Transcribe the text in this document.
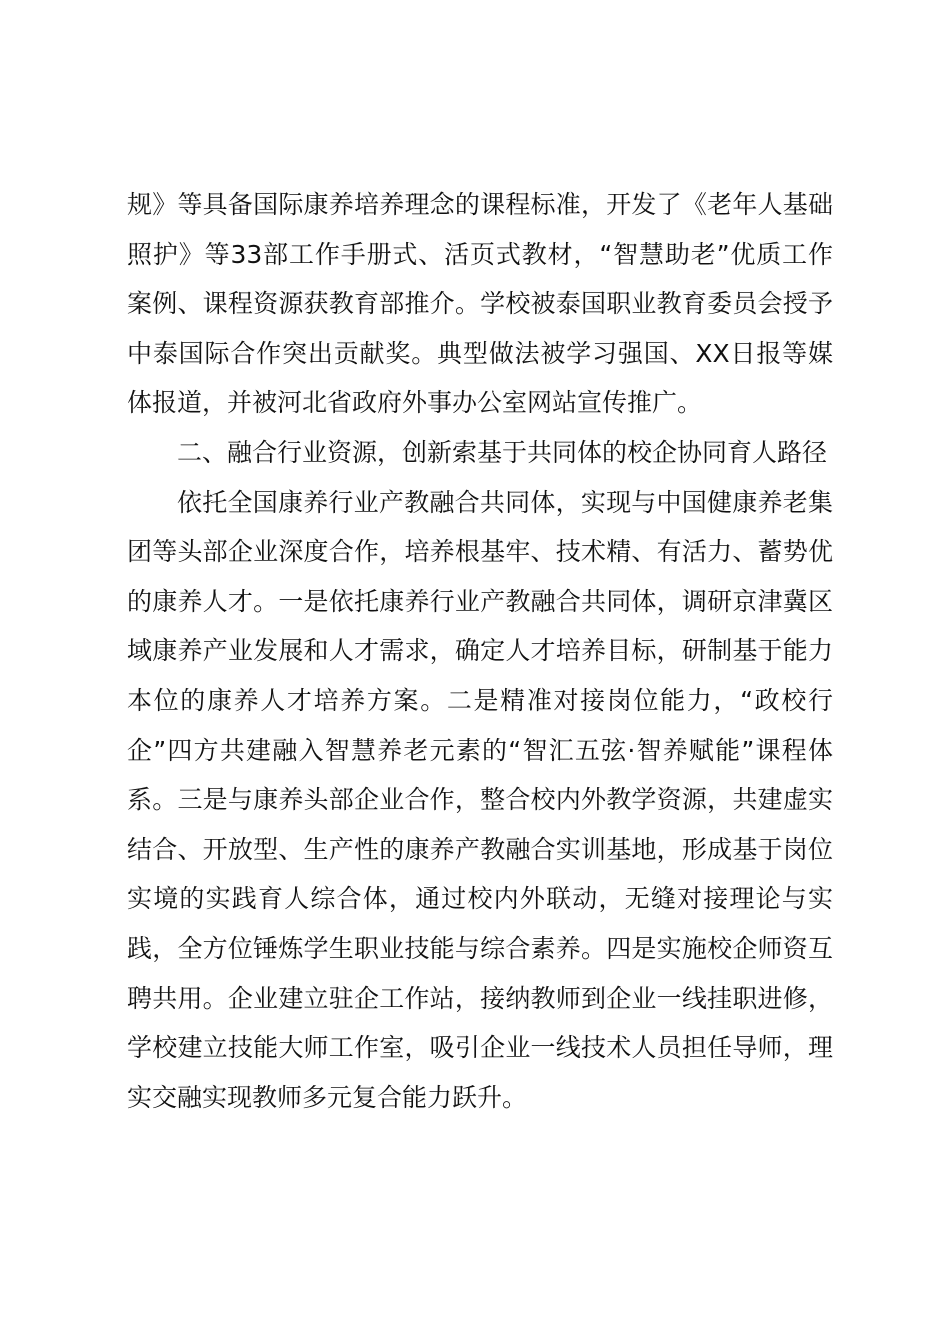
规》等具备国际康养培养理念的课程标准，开发了《老年人基础照护》等33部工作手册式、活页式教材，“智慧助老”优质工作案例、课程资源获教育部推介。学校被泰国职业教育委员会授予中泰国际合作突出贡献奖。典型做法被学习强国、XX日报等媒体报道，并被河北省政府外事办公室网站宣传推广。

二、融合行业资源，创新索基于共同体的校企协同育人路径

依托全国康养行业产教融合共同体，实现与中国健康养老集团等头部企业深度合作，培养根基牢、技术精、有活力、蓄势优的康养人才。一是依托康养行业产教融合共同体，调研京津冀区域康养产业发展和人才需求，确定人才培养目标，研制基于能力本位的康养人才培养方案。二是精准对接岗位能力，“政校行企”四方共建融入智慧养老元素的“智汇五弦·智养赋能”课程体系。三是与康养头部企业合作，整合校内外教学资源，共建虚实结合、开放型、生产性的康养产教融合实训基地，形成基于岗位实境的实践育人综合体，通过校内外联动，无缝对接理论与实践，全方位锤炼学生职业技能与综合素养。四是实施校企师资互聘共用。企业建立驻企工作站，接纳教师到企业一线挂职进修，学校建立技能大师工作室，吸引企业一线技术人员担任导师，理实交融实现教师多元复合能力跃升。
